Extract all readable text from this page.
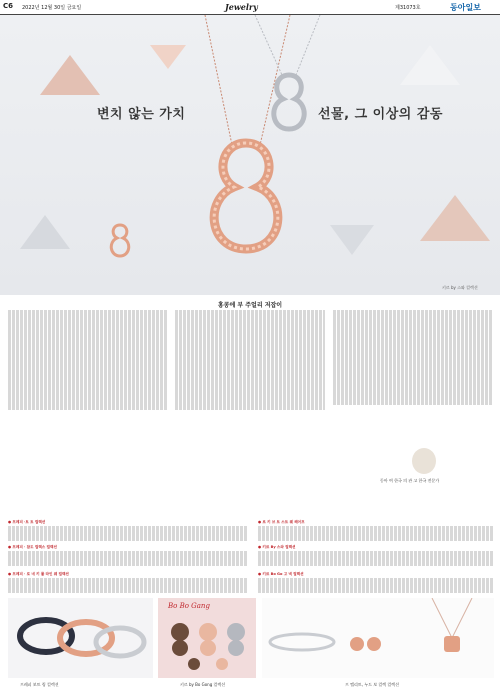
C6 2022년 12월 30일 금요일	Jewelry	제31073호	동아일보
변치 않는 가치	선물, 그 이상의 감동
키르 by 스와 컬렉션
홍콩에 부 주얼리 저잡이
동아 여 한국 의 관 고 한국 전문가
● 프레피 ·트 트 컬렉션
● 프레피 · 참도 컬렉스 컬렉션
● 프레피 · 로 네 키 를 라인 웨 컬렉션
● 르 키 브 트 스트 웨 헤어프
● 키르 By 스와 컬렉션
● 키르 Bo Go 고 넥 컬렉션
프레피 보트 링 컬렉션
Bo Bo Gang
키르 by Bo Gong 컬렉션	프 엘리트, 누드 보 컬렉 컬렉션
